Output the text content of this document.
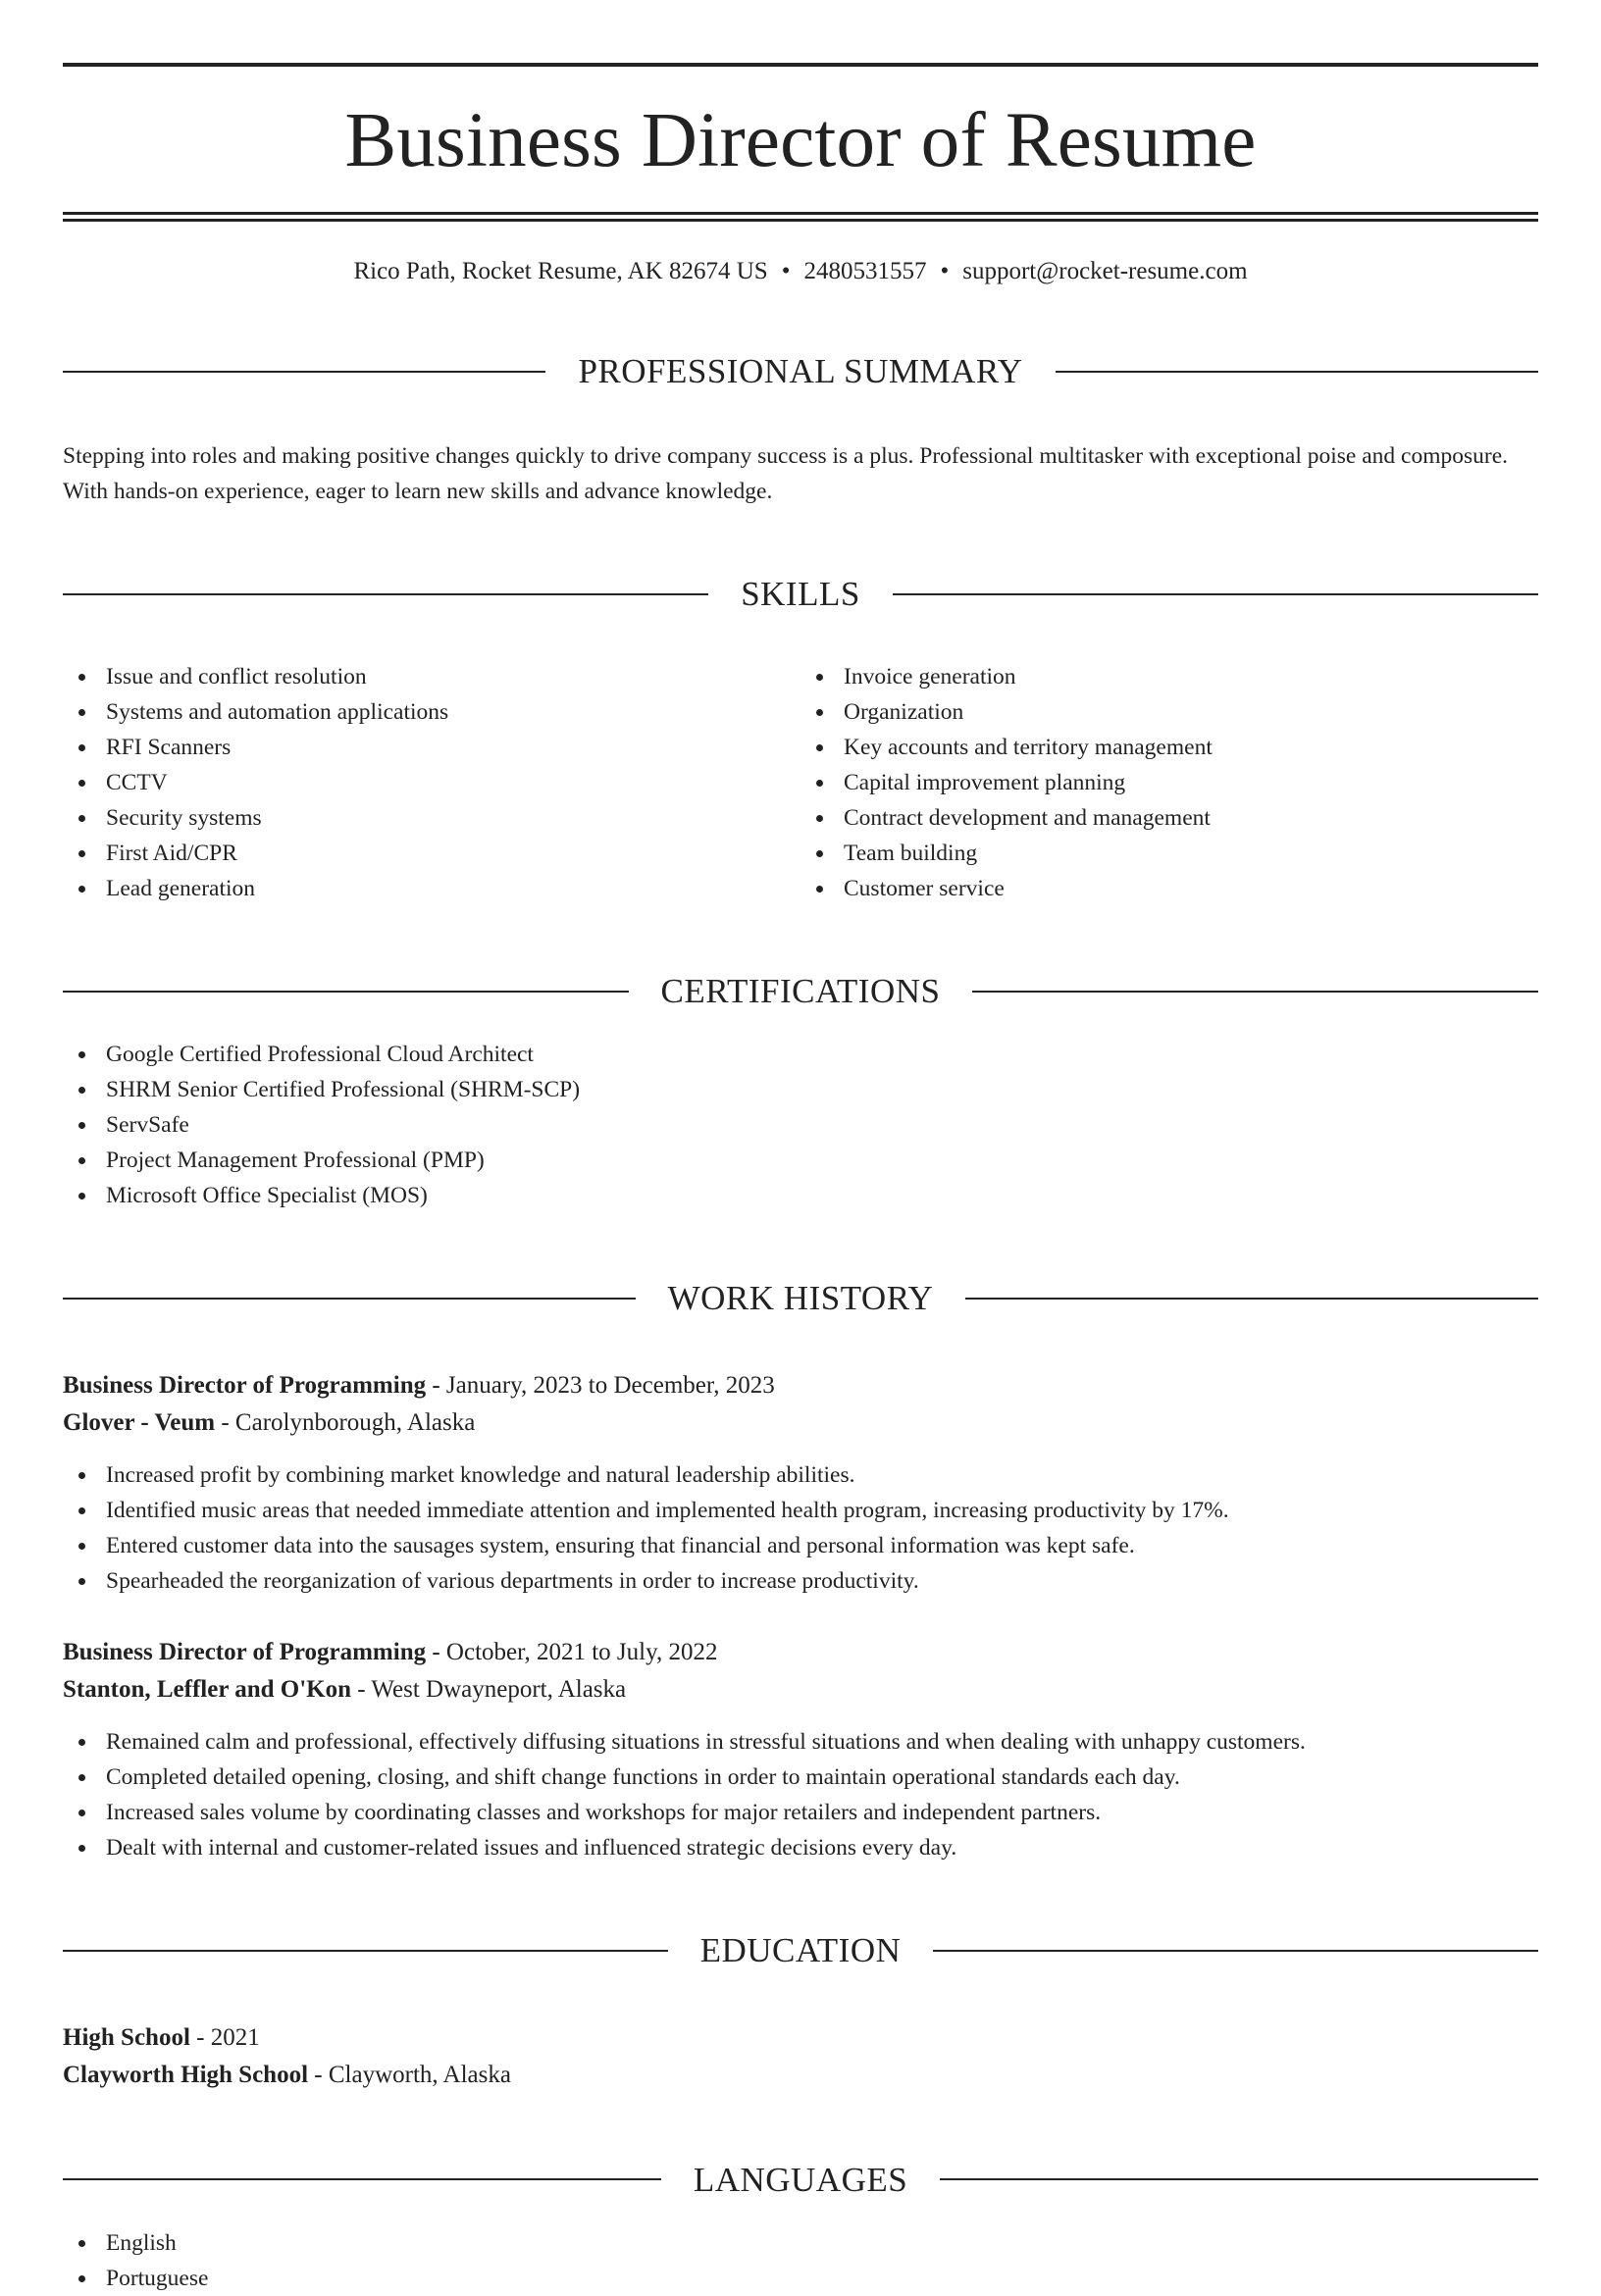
Business Director of Resume
Rico Path, Rocket Resume, AK 82674 US • 2480531557 • support@rocket-resume.com
PROFESSIONAL SUMMARY

Stepping into roles and making positive changes quickly to drive company success is a plus. Professional multitasker with exceptional poise and composure. With hands-on experience, eager to learn new skills and advance knowledge.

SKILLS
Issue and conflict resolution
Systems and automation applications
RFI Scanners
CCTV
Security systems
First Aid/CPR
Lead generation
Invoice generation
Organization
Key accounts and territory management
Capital improvement planning
Contract development and management
Team building
Customer service
CERTIFICATIONS
Google Certified Professional Cloud Architect
SHRM Senior Certified Professional (SHRM-SCP)
ServSafe
Project Management Professional (PMP)
Microsoft Office Specialist (MOS)
WORK HISTORY
Business Director of Programming - January, 2023 to December, 2023
Glover - Veum - Carolynborough, Alaska
Increased profit by combining market knowledge and natural leadership abilities.
Identified music areas that needed immediate attention and implemented health program, increasing productivity by 17%.
Entered customer data into the sausages system, ensuring that financial and personal information was kept safe.
Spearheaded the reorganization of various departments in order to increase productivity.
Business Director of Programming - October, 2021 to July, 2022
Stanton, Leffler and O'Kon - West Dwayneport, Alaska
Remained calm and professional, effectively diffusing situations in stressful situations and when dealing with unhappy customers.
Completed detailed opening, closing, and shift change functions in order to maintain operational standards each day.
Increased sales volume by coordinating classes and workshops for major retailers and independent partners.
Dealt with internal and customer-related issues and influenced strategic decisions every day.
EDUCATION
High School - 2021
Clayworth High School - Clayworth, Alaska
LANGUAGES
English
Portuguese
